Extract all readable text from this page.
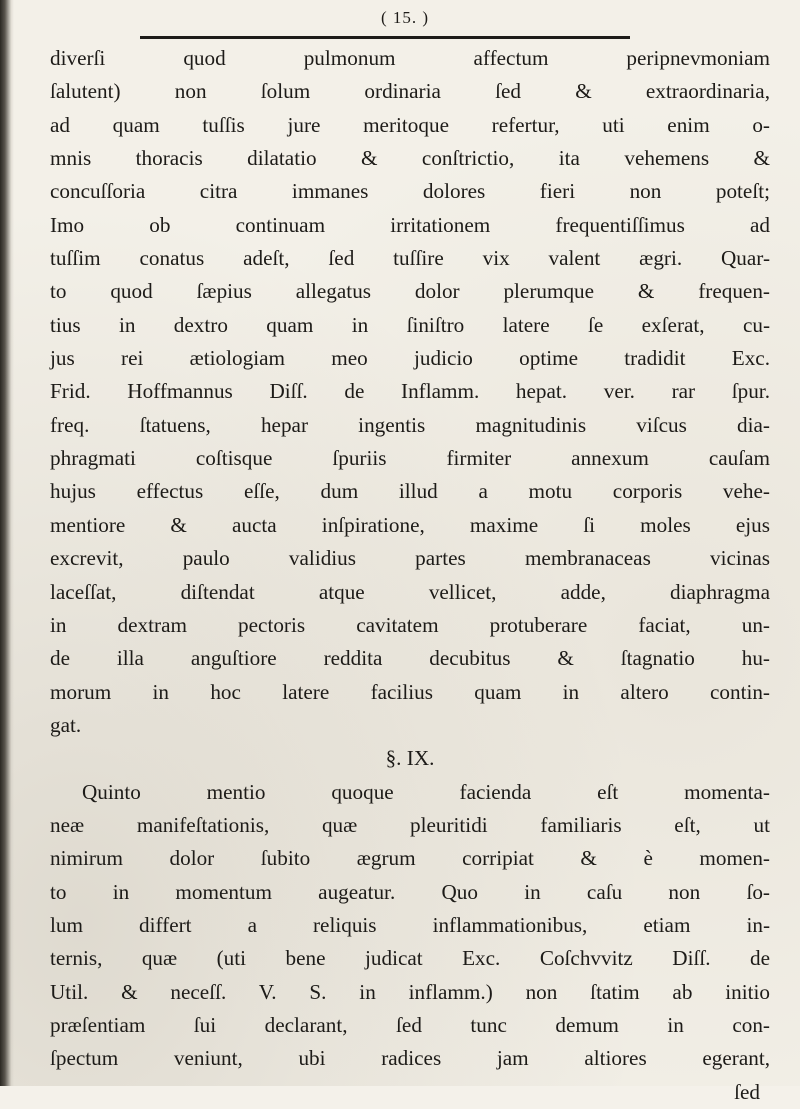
( 15. )
diverſi quod pulmonum affectum peripnevmoniam
ſalutent) non ſolum ordinaria ſed & extraordinaria,
ad quam tuſſis jure meritoque refertur, uti enim o-
mnis thoracis dilatatio & conſtrictio, ita vehemens &
concuſſoria citra immanes dolores fieri non poteſt;
Imo ob continuam irritationem frequentiſſimus ad
tuſſim conatus adeſt, ſed tuſſire vix valent ægri. Quar-
to quod ſæpius allegatus dolor plerumque & frequen-
tius in dextro quam in ſiniſtro latere ſe exſerat, cu-
jus rei ætiologiam meo judicio optime tradidit Exc.
Frid. Hoffmannus Diſſ. de Inflamm. hepat. ver. rar ſpur.
freq. ſtatuens, hepar ingentis magnitudinis viſcus dia-
phragmati coſtisque ſpuriis firmiter annexum cauſam
hujus effectus eſſe, dum illud a motu corporis vehe-
mentiore & aucta inſpiratione, maxime ſi moles ejus
excrevit, paulo validius partes membranaceas vicinas
laceſſat, diſtendat atque vellicet, adde, diaphragma
in dextram pectoris cavitatem protuberare faciat, un-
de illa anguſtiore reddita decubitus & ſtagnatio hu-
morum in hoc latere facilius quam in altero contin-
gat.
§. IX.
Quinto mentio quoque facienda eſt momenta-
neæ manifeſtationis, quæ pleuritidi familiaris eſt, ut
nimirum dolor ſubito ægrum corripiat & è momen-
to in momentum augeatur. Quo in caſu non ſo-
lum differt a reliquis inflammationibus, etiam in-
ternis, quæ (uti bene judicat Exc. Coſchvvitz Diſſ. de
Util. & neceſſ. V. S. in inflamm.) non ſtatim ab initio
præſentiam ſui declarant, ſed tunc demum in con-
ſpectum veniunt, ubi radices jam altiores egerant,
ſed
